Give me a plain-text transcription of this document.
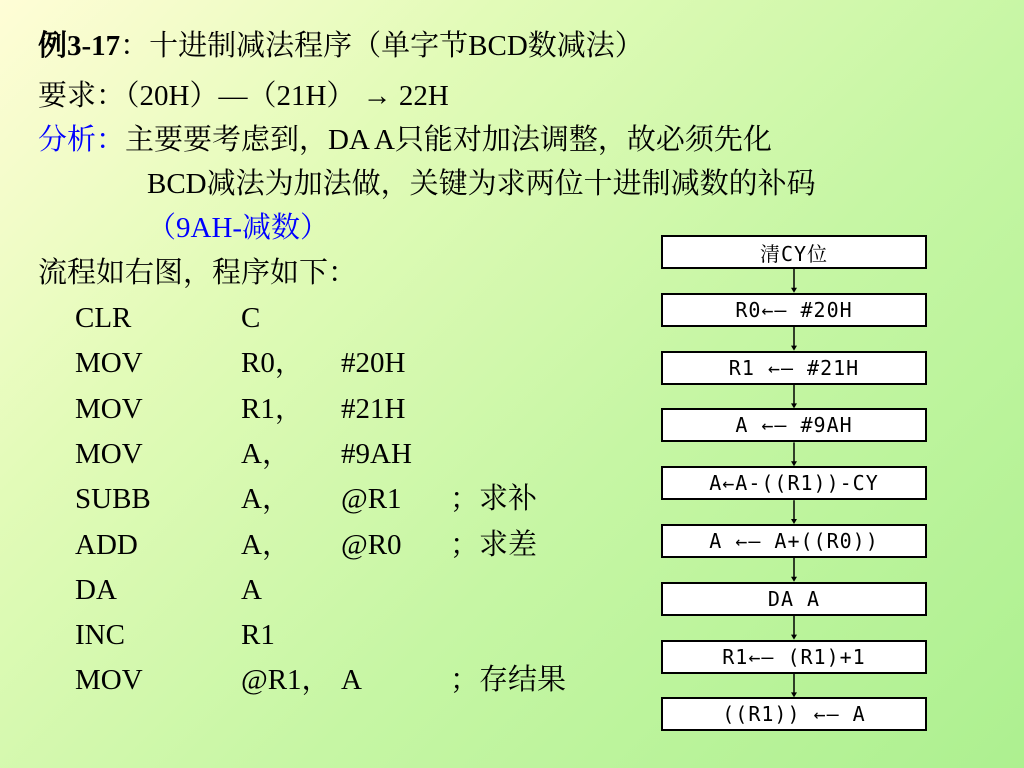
例3-17：十进制减法程序（单字节BCD数减法）
要求：（20H）—（21H） → 22H
分析：主要要考虑到，DA A只能对加法调整，故必须先化
BCD减法为加法做，关键为求两位十进制减数的补码
（9AH-减数）
流程如右图，程序如下：
CLR	C
MOV	R0， #20H
MOV	R1， #21H
MOV	A， #9AH
SUBB	A， @R1 ； 求补
ADD	A， @R0 ； 求差
DA	A
INC	R1
MOV	@R1， A	； 存结果
清CY位
R0←— #20H
R1 ←— #21H
A ←— #9AH
A←A-((R1))-CY
A ←— A+((R0))
DA A
R1←— (R1)+1
((R1)) ←— A
